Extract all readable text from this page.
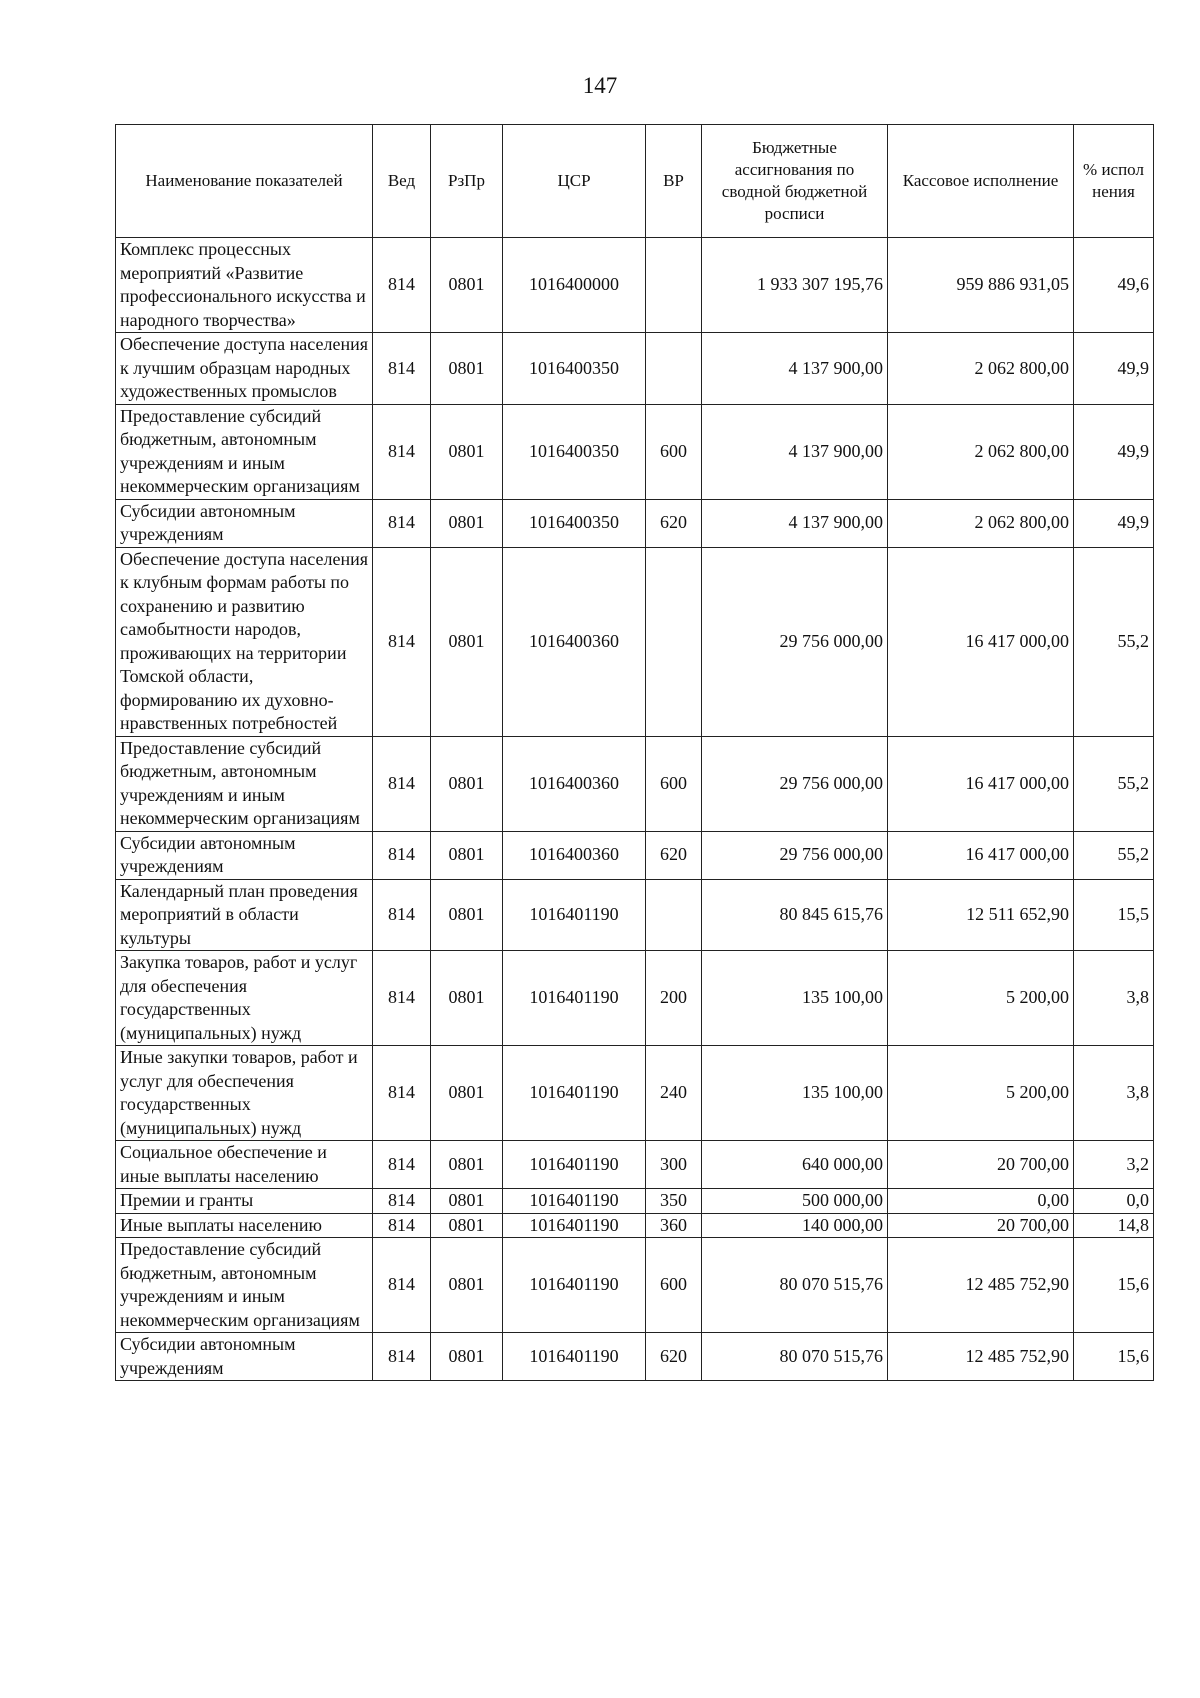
147
Наименование показателей	Вед	РзПр	ЦСР	ВР	Бюджетные ассигнования по сводной бюджетной росписи	Кассовое исполнение	% испол нения
Комплекс процессных мероприятий «Развитие профессионального искусства и народного творчества»	814	0801	1016400000		1 933 307 195,76	959 886 931,05	49,6
Обеспечение доступа населения к лучшим образцам народных художественных промыслов	814	0801	1016400350		4 137 900,00	2 062 800,00	49,9
Предоставление субсидий бюджетным, автономным учреждениям и иным некоммерческим организациям	814	0801	1016400350	600	4 137 900,00	2 062 800,00	49,9
Субсидии автономным учреждениям	814	0801	1016400350	620	4 137 900,00	2 062 800,00	49,9
Обеспечение доступа населения к клубным формам работы по сохранению и развитию самобытности народов, проживающих на территории Томской области, формированию их духовно-нравственных потребностей	814	0801	1016400360		29 756 000,00	16 417 000,00	55,2
Предоставление субсидий бюджетным, автономным учреждениям и иным некоммерческим организациям	814	0801	1016400360	600	29 756 000,00	16 417 000,00	55,2
Субсидии автономным учреждениям	814	0801	1016400360	620	29 756 000,00	16 417 000,00	55,2
Календарный план проведения мероприятий в области культуры	814	0801	1016401190		80 845 615,76	12 511 652,90	15,5
Закупка товаров, работ и услуг для обеспечения государственных (муниципальных) нужд	814	0801	1016401190	200	135 100,00	5 200,00	3,8
Иные закупки товаров, работ и услуг для обеспечения государственных (муниципальных) нужд	814	0801	1016401190	240	135 100,00	5 200,00	3,8
Социальное обеспечение и иные выплаты населению	814	0801	1016401190	300	640 000,00	20 700,00	3,2
Премии и гранты	814	0801	1016401190	350	500 000,00	0,00	0,0
Иные выплаты населению	814	0801	1016401190	360	140 000,00	20 700,00	14,8
Предоставление субсидий бюджетным, автономным учреждениям и иным некоммерческим организациям	814	0801	1016401190	600	80 070 515,76	12 485 752,90	15,6
Субсидии автономным учреждениям	814	0801	1016401190	620	80 070 515,76	12 485 752,90	15,6
